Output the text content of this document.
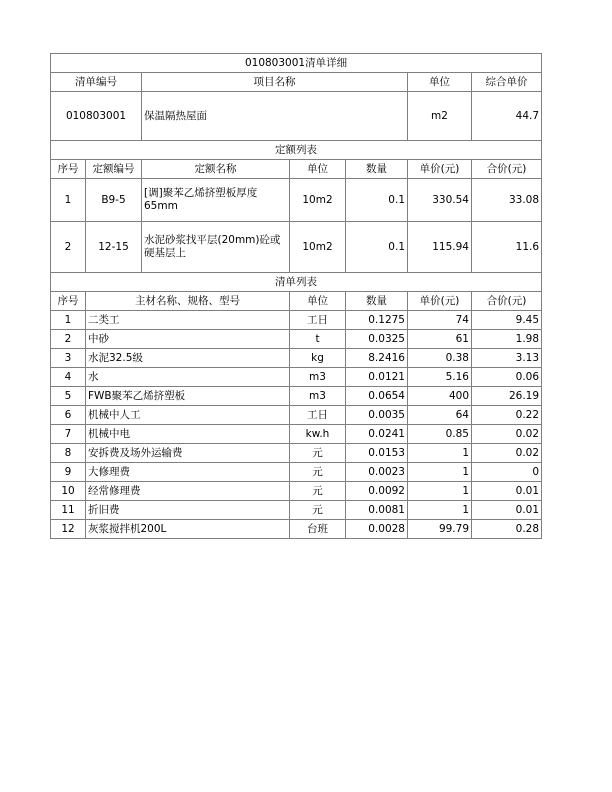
010803001清单详细						
清单编号		项目名称			单位	综合单价
010803001		保温隔热屋面			m2	44.7
定额列表						
序号	定额编号	定额名称	单位	数量	单价(元)	合价(元)
1	B9-5	[调]聚苯乙烯挤塑板厚度65mm	10m2	0.1	330.54	33.08
2	12-15	水泥砂浆找平层(20mm)砼或硬基层上	10m2	0.1	115.94	11.6
清单列表						
序号	主材名称、规格、型号		单位	数量	单价(元)	合价(元)
1	二类工		工日	0.1275	74	9.45
2	中砂		t	0.0325	61	1.98
3	水泥32.5级		kg	8.2416	0.38	3.13
4	水		m3	0.0121	5.16	0.06
5	FWB聚苯乙烯挤塑板		m3	0.0654	400	26.19
6	机械中人工		工日	0.0035	64	0.22
7	机械中电		kw.h	0.0241	0.85	0.02
8	安拆费及场外运输费		元	0.0153	1	0.02
9	大修理费		元	0.0023	1	0
10	经常修理费		元	0.0092	1	0.01
11	折旧费		元	0.0081	1	0.01
12	灰浆搅拌机200L		台班	0.0028	99.79	0.28
